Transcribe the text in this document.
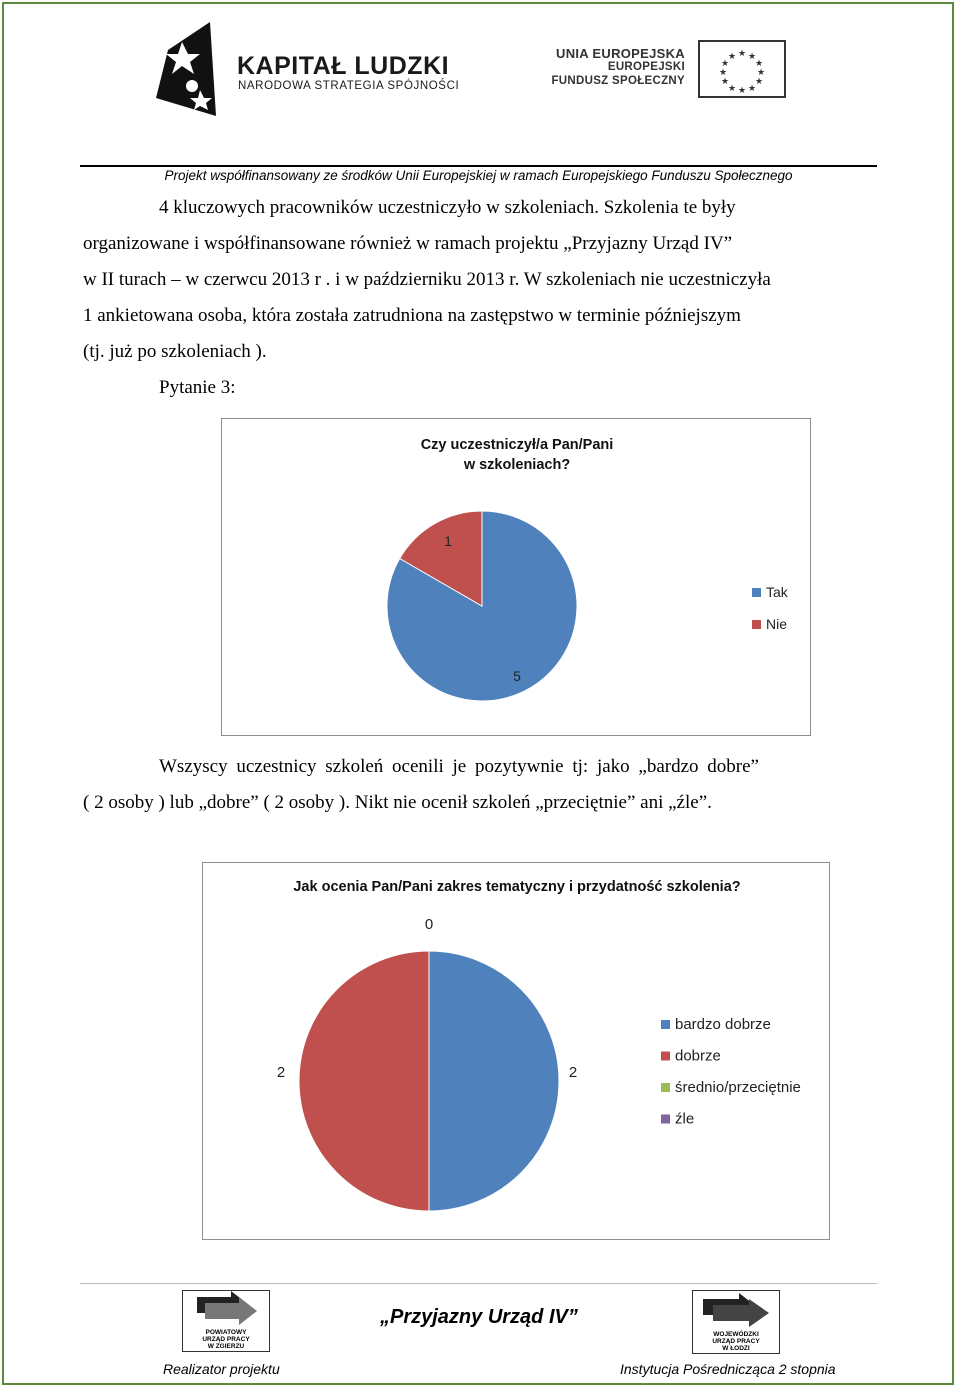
KAPITAŁ LUDZKI
NARODOWA STRATEGIA SPÓJNOŚCI
UNIA EUROPEJSKA
EUROPEJSKI
FUNDUSZ SPOŁECZNY
★ ★
★
★
★
★
★
★
★
★
★
★
Projekt współfinansowany ze środków Unii Europejskiej w ramach Europejskiego Funduszu Społecznego
4 kluczowych pracowników uczestniczyło w szkoleniach. Szkolenia te były
organizowane i współfinansowane również w ramach projektu „Przyjazny Urząd IV”
w II turach – w czerwcu 2013 r . i w październiku 2013 r. W szkoleniach nie uczestniczyła
1 ankietowana osoba, która została zatrudniona na zastępstwo w terminie późniejszym
(tj. już po szkoleniach ).
Pytanie 3:
Czy uczestniczył/a Pan/Pani
w szkoleniach?
5
1
Tak
Nie
Wszyscy uczestnicy szkoleń ocenili je pozytywnie tj: jako „bardzo dobre”
( 2 osoby ) lub „dobre” ( 2 osoby ). Nikt nie ocenił szkoleń „przeciętnie” ani „źle”.
Jak ocenia Pan/Pani zakres tematyczny i przydatność szkolenia?
2
2
0
bardzo dobrze
dobrze
średnio/przeciętnie
źle
POWIATOWY
URZĄD PRACY
W ZGIERZU
„Przyjazny Urząd IV”
WOJEWÓDZKI
URZĄD PRACY
W ŁODZI
Realizator projektu	Instytucja Pośrednicząca 2 stopnia
